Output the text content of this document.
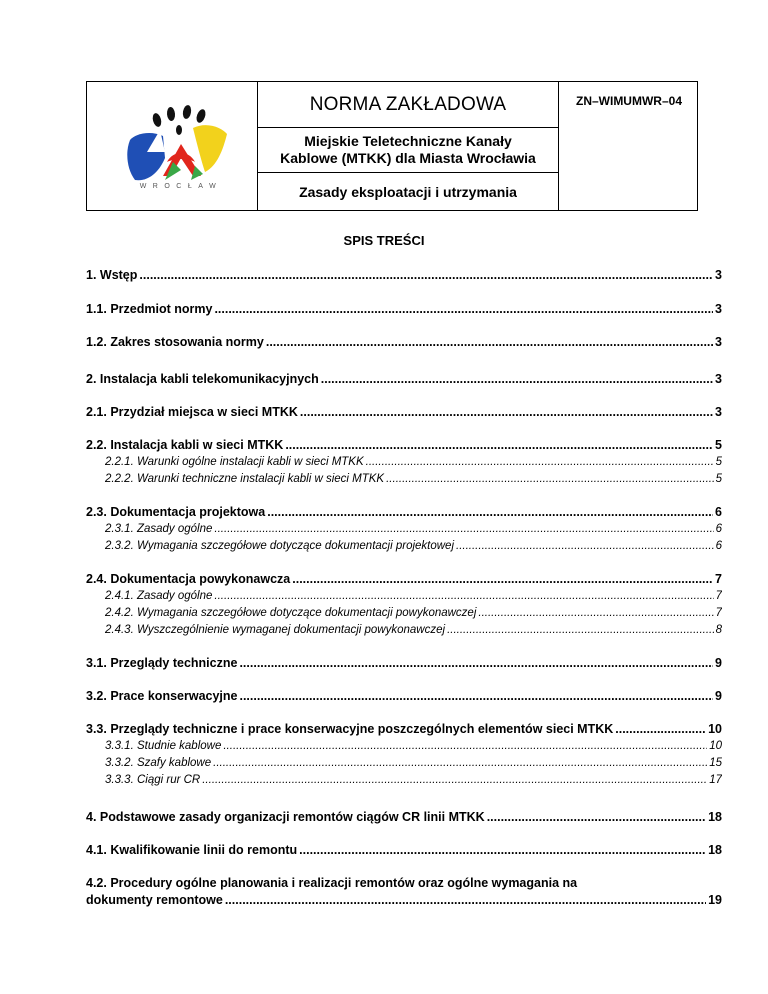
WROCŁAW
NORMA ZAKŁADOWA
Miejskie Teletechniczne Kanały
Kablowe (MTKK) dla Miasta Wrocławia
Zasady eksploatacji i utrzymania
ZN–WIMUMWR–04
SPIS TREŚCI
1. Wstęp .....	3
1.1. Przedmiot normy .....	3
1.2. Zakres stosowania normy .....	3
2. Instalacja kabli telekomunikacyjnych .....	3
2.1. Przydział miejsca w sieci MTKK .....	3
2.2. Instalacja kabli w sieci MTKK .....	5
2.2.1. Warunki ogólne instalacji kabli w sieci MTKK .....	5
2.2.2. Warunki techniczne instalacji kabli w sieci MTKK .....	5
2.3. Dokumentacja projektowa .....	6
2.3.1. Zasady ogólne .....	6
2.3.2. Wymagania szczegółowe dotyczące dokumentacji projektowej .....	6
2.4. Dokumentacja powykonawcza .....	7
2.4.1. Zasady ogólne .....	7
2.4.2. Wymagania szczegółowe dotyczące dokumentacji powykonawczej .....	7
2.4.3. Wyszczególnienie wymaganej dokumentacji powykonawczej .....	8
3.1. Przeglądy techniczne .....	9
3.2. Prace konserwacyjne .....	9
3.3. Przeglądy techniczne i prace konserwacyjne poszczególnych elementów sieci MTKK .....	10
3.3.1. Studnie kablowe .....	10
3.3.2. Szafy kablowe .....	15
3.3.3. Ciągi rur CR .....	17
4. Podstawowe zasady organizacji remontów ciągów CR linii MTKK .....	18
4.1. Kwalifikowanie linii do remontu .....	18
4.2. Procedury ogólne planowania i realizacji remontów oraz ogólne wymagania na
dokumenty remontowe .....	19
